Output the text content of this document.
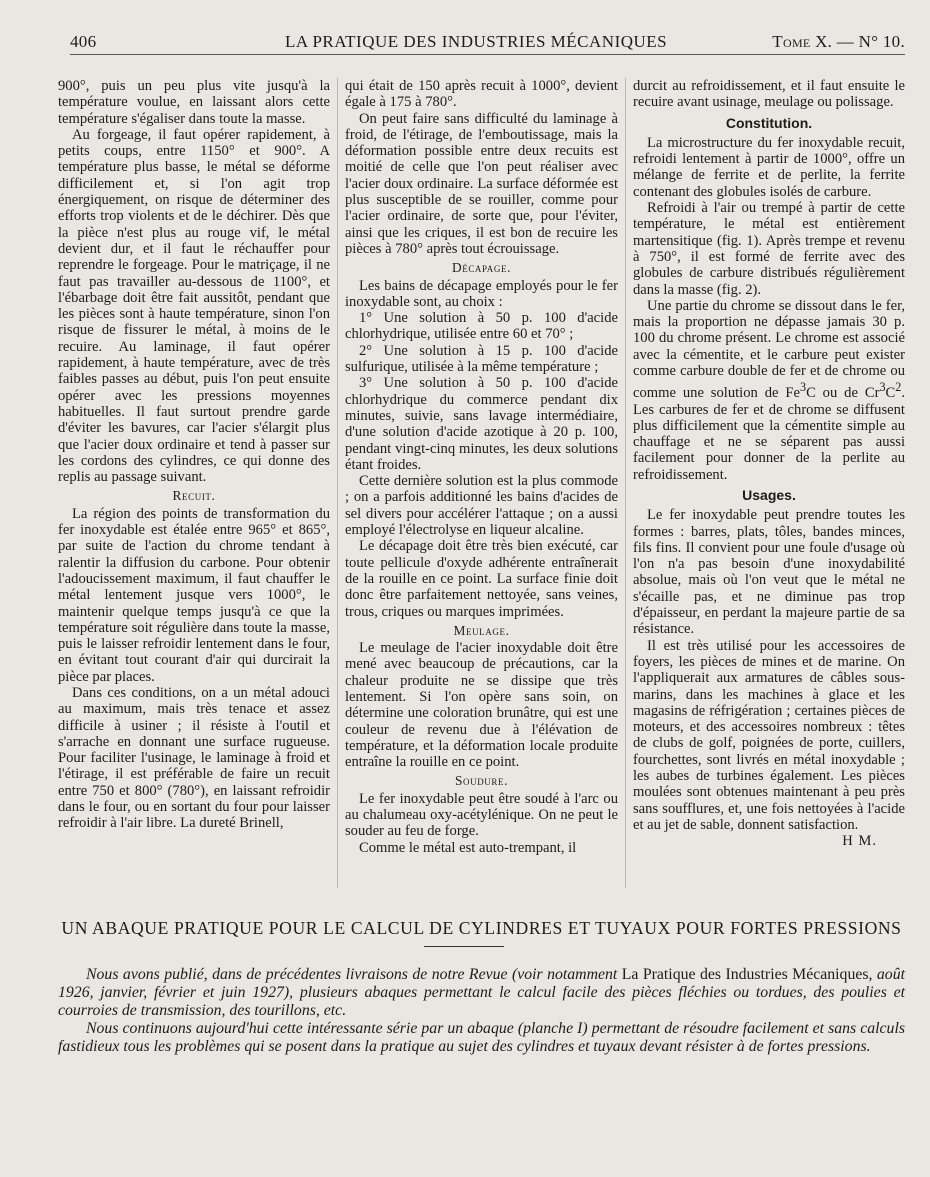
406	LA PRATIQUE DES INDUSTRIES MÉCANIQUES	Tome X. — N° 10.

900°, puis un peu plus vite jusqu'à la température voulue, en laissant alors cette température s'égaliser dans toute la masse.

Au forgeage, il faut opérer rapidement, à petits coups, entre 1150° et 900°. A température plus basse, le métal se déforme difficilement et, si l'on agit trop énergiquement, on risque de déterminer des efforts trop violents et de le déchirer. Dès que la pièce n'est plus au rouge vif, le métal devient dur, et il faut le réchauffer pour reprendre le forgeage. Pour le matriçage, il ne faut pas travailler au-dessous de 1100°, et l'ébarbage doit être fait aussitôt, pendant que les pièces sont à haute température, sinon l'on risque de fissurer le métal, à moins de le recuire. Au laminage, il faut opérer rapidement, à haute température, avec de très faibles passes au début, puis l'on peut ensuite opérer avec les pressions moyennes habituelles. Il faut surtout prendre garde d'éviter les bavures, car l'acier s'élargit plus que l'acier doux ordinaire et tend à passer sur les cordons des cylindres, ce qui donne des replis au passage suivant.

Recuit.

La région des points de transformation du fer inoxydable est étalée entre 965° et 865°, par suite de l'action du chrome tendant à ralentir la diffusion du carbone. Pour obtenir l'adoucissement maximum, il faut chauffer le métal lentement jusque vers 1000°, le maintenir quelque temps jusqu'à ce que la température soit régulière dans toute la masse, puis le laisser refroidir lentement dans le four, en évitant tout courant d'air qui durcirait la pièce par places.

Dans ces conditions, on a un métal adouci au maximum, mais très tenace et assez difficile à usiner ; il résiste à l'outil et s'arrache en donnant une surface rugueuse. Pour faciliter l'usinage, le laminage à froid et l'étirage, il est préférable de faire un recuit entre 750 et 800° (780°), en laissant refroidir dans le four, ou en sortant du four pour laisser refroidir à l'air libre. La dureté Brinell,

qui était de 150 après recuit à 1000°, devient égale à 175 à 780°.

On peut faire sans difficulté du laminage à froid, de l'étirage, de l'emboutissage, mais la déformation possible entre deux recuits est moitié de celle que l'on peut réaliser avec l'acier doux ordinaire. La surface déformée est plus susceptible de se rouiller, comme pour l'acier ordinaire, de sorte que, pour l'éviter, ainsi que les criques, il est bon de recuire les pièces à 780° après tout écrouissage.

Décapage.

Les bains de décapage employés pour le fer inoxydable sont, au choix :

1° Une solution à 50 p. 100 d'acide chlorhydrique, utilisée entre 60 et 70° ;

2° Une solution à 15 p. 100 d'acide sulfurique, utilisée à la même température ;

3° Une solution à 50 p. 100 d'acide chlorhydrique du commerce pendant dix minutes, suivie, sans lavage intermédiaire, d'une solution d'acide azotique à 20 p. 100, pendant vingt-cinq minutes, les deux solutions étant froides.

Cette dernière solution est la plus commode ; on a parfois additionné les bains d'acides de sel divers pour accélérer l'attaque ; on a aussi employé l'électrolyse en liqueur alcaline.

Le décapage doit être très bien exécuté, car toute pellicule d'oxyde adhérente entraînerait de la rouille en ce point. La surface finie doit donc être parfaitement nettoyée, sans veines, trous, criques ou marques imprimées.

Meulage.

Le meulage de l'acier inoxydable doit être mené avec beaucoup de précautions, car la chaleur produite ne se dissipe que très lentement. Si l'on opère sans soin, on détermine une coloration brunâtre, qui est une couleur de revenu due à l'élévation de température, et la déformation locale produite entraîne la rouille en ce point.

Soudure.

Le fer inoxydable peut être soudé à l'arc ou au chalumeau oxy-acétylénique. On ne peut le souder au feu de forge.

Comme le métal est auto-trempant, il

durcit au refroidissement, et il faut ensuite le recuire avant usinage, meulage ou polissage.

Constitution.

La microstructure du fer inoxydable recuit, refroidi lentement à partir de 1000°, offre un mélange de ferrite et de perlite, la ferrite contenant des globules isolés de carbure.

Refroidi à l'air ou trempé à partir de cette température, le métal est entièrement martensitique (fig. 1). Après trempe et revenu à 750°, il est formé de ferrite avec des globules de carbure distribués régulièrement dans la masse (fig. 2).

Une partie du chrome se dissout dans le fer, mais la proportion ne dépasse jamais 30 p. 100 du chrome présent. Le chrome est associé avec la cémentite, et le carbure peut exister comme carbure double de fer et de chrome ou comme une solution de Fe$^3$C ou de $Cr^3C^2$. Les carbures de fer et de chrome se diffusent plus difficilement que la cémentite simple au chauffage et ne se séparent pas aussi facilement pour donner de la perlite au refroidissement.

Usages.

Le fer inoxydable peut prendre toutes les formes : barres, plats, tôles, bandes minces, fils fins. Il convient pour une foule d'usage où l'on n'a pas besoin d'une inoxydabilité absolue, mais où l'on veut que le métal ne s'écaille pas, et ne diminue pas trop d'épaisseur, en perdant la majeure partie de sa résistance.

Il est très utilisé pour les accessoires de foyers, les pièces de mines et de marine. On l'appliquerait aux armatures de câbles sous-marins, dans les machines à glace et les magasins de réfrigération ; certaines pièces de moteurs, et des accessoires nombreux : têtes de clubs de golf, poignées de porte, cuillers, fourchettes, sont livrés en métal inoxydable ; les aubes de turbines également. Les pièces moulées sont obtenues maintenant à peu près sans soufflures, et, une fois nettoyées à l'acide et au jet de sable, donnent satisfaction.
H M.

UN ABAQUE PRATIQUE POUR LE CALCUL DE CYLINDRES ET TUYAUX POUR FORTES PRESSIONS

Nous avons publié, dans de précédentes livraisons de notre Revue (voir notamment La Pratique des Industries Mécaniques, août 1926, janvier, février et juin 1927), plusieurs abaques permettant le calcul facile des pièces fléchies ou tordues, des poulies et courroies de transmission, des tourillons, etc.

Nous continuons aujourd'hui cette intéressante série par un abaque (planche I) permettant de résoudre facilement et sans calculs fastidieux tous les problèmes qui se posent dans la pratique au sujet des cylindres et tuyaux devant résister à de fortes pressions.
